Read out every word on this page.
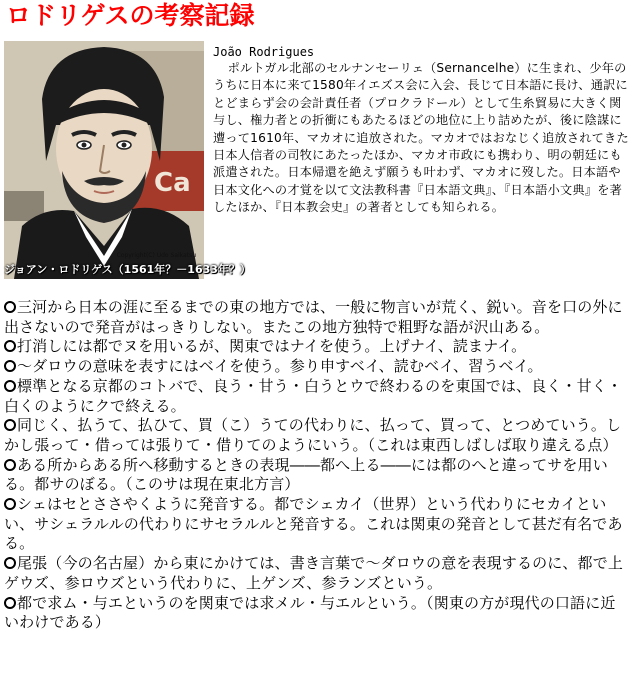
ロドリゲスの考察記録
Ca
Copyright(C) Udo Saikatsu
ジョアン・ロドリゲス（1561年？－1633年？）
João Rodrigues
ポルトガル北部のセルナンセーリェ（Sernancelhe）に生まれ、少年のうちに日本に来て1580年イエズス会に入会、長じて日本語に長け、通訳にとどまらず会の会計責任者（プロクラドール）として生糸貿易に大きく関与し、権力者との折衝にもあたるほどの地位に上り詰めたが、後に陰謀に遭って1610年、マカオに追放された。マカオではおなじく追放されてきた日本人信者の司牧にあたったほか、マカオ市政にも携わり、明の朝廷にも派遣された。日本帰還を絶えず願うも叶わず、マカオに歿した。日本語や日本文化への才覚を以て文法教科書『日本語文典』、『日本語小文典』を著したほか、『日本教会史』の著者としても知られる。

三河から日本の涯に至るまでの東の地方では、一般に物言いが荒く、鋭い。音を口の外に出さないので発音がはっきりしない。またこの地方独特で粗野な語が沢山ある。

打消しには都でヌを用いるが、関東ではナイを使う。上げナイ、読まナイ。

～ダロウの意味を表すにはベイを使う。参り申すベイ、読むベイ、習うベイ。

標準となる京都のコトバで、良う・甘う・白うとウで終わるのを東国では、良く・甘く・白くのようにクで終える。

同じく、払うて、払ひて、買（こ）うての代わりに、払って、買って、とつめていう。しかし張って・借っては張りて・借りてのようにいう。（これは東西しばしば取り違える点）

ある所からある所へ移動するときの表現――都へ上る――には都のへと違ってサを用いる。都サのぼる。（このサは現在東北方言）

シェはセとささやくように発音する。都でシェカイ（世界）という代わりにセカイといい、サシェラルルの代わりにサセラルルと発音する。これは関東の発音として甚だ有名である。

尾張（今の名古屋）から東にかけては、書き言葉で～ダロウの意を表現するのに、都で上ゲウズ、参ロウズという代わりに、上ゲンズ、参ランズという。

都で求ム・与エというのを関東では求メル・与エルという。（関東の方が現代の口語に近いわけである）
